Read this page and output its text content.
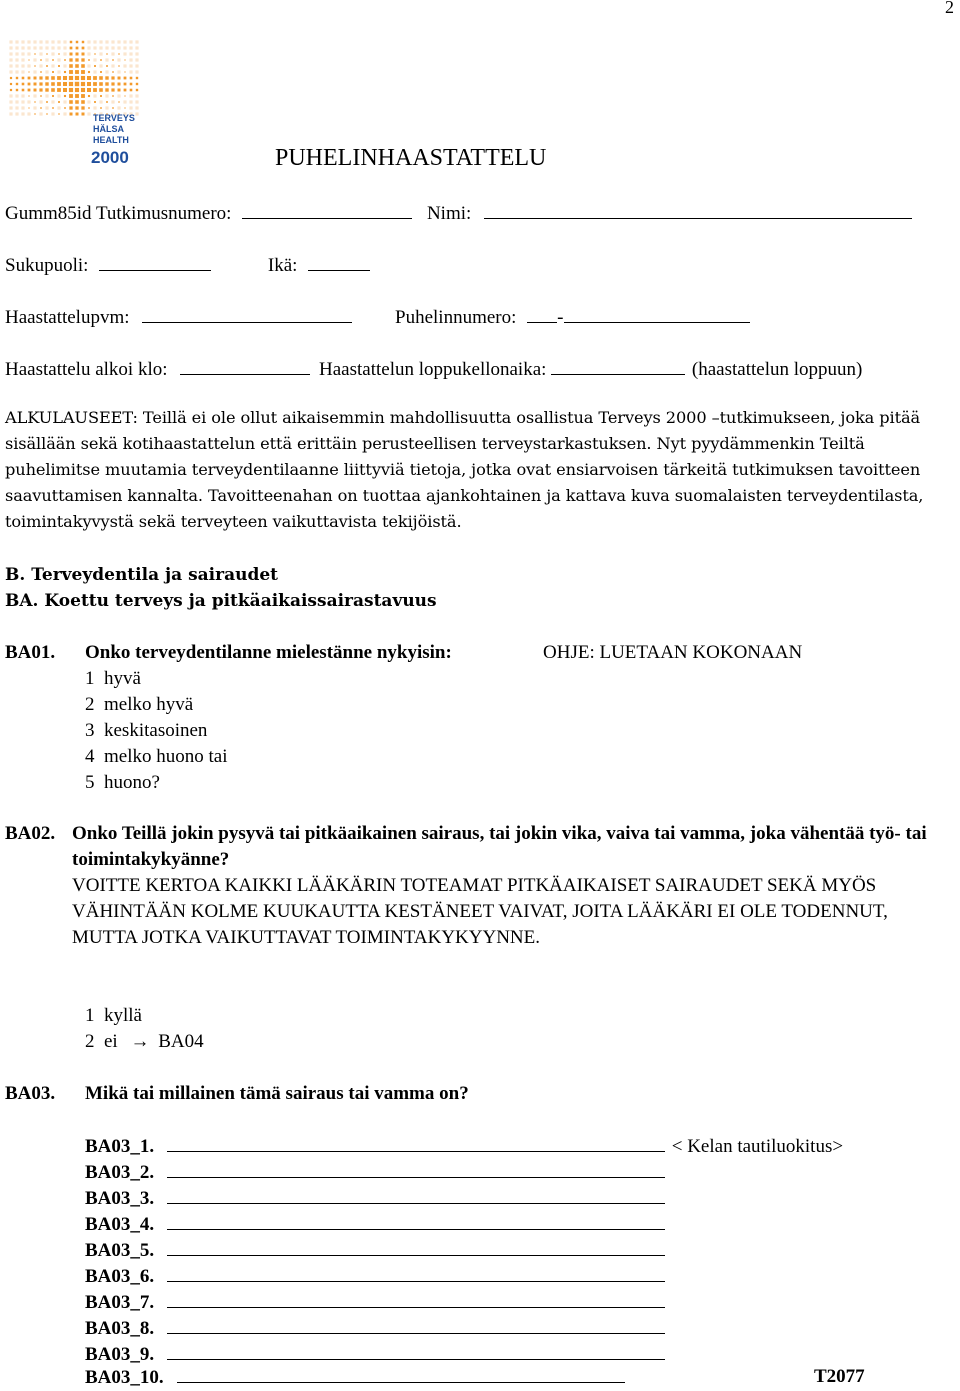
2
TERVEYS
HÄLSA
HEALTH
2000	PUHELINHAASTATTELU
Gumm85id Tutkimusnumero:	Nimi:
Sukupuoli:	Ikä:
Haastattelupvm:	Puhelinnumero: -
Haastattelu alkoi klo:	Haastattelun loppukellonaika:	(haastattelun loppuun)
ALKULAUSEET: Teillä ei ole ollut aikaisemmin mahdollisuutta osallistua Terveys 2000 –tutkimukseen, joka pitää sisällään sekä kotihaastattelun että erittäin perusteellisen terveystarkastuksen. Nyt pyydämmenkin Teiltä puhelimitse muutamia terveydentilaanne liittyviä tietoja, jotka ovat ensiarvoisen tärkeitä tutkimuksen tavoitteen saavuttamisen kannalta. Tavoitteenahan on tuottaa ajankohtainen ja kattava kuva suomalaisten terveydentilasta, toimintakyvystä sekä terveyteen vaikuttavista tekijöistä.
B. Terveydentila ja sairaudet
BA. Koettu terveys ja pitkäaikaissairastavuus
BA01. Onko terveydentilanne mielestänne nykyisin:	OHJE: LUETAAN KOKONAAN
1  hyvä
2  melko hyvä
3  keskitasoinen
4  melko huono tai
5  huono?
BA02. Onko Teillä jokin pysyvä tai pitkäaikainen sairaus, tai jokin vika, vaiva tai vamma, joka vähentää työ- tai toimintakykyänne?
VOITTE KERTOA KAIKKI LÄÄKÄRIN TOTEAMAT PITKÄAIKAISET SAIRAUDET SEKÄ MYÖS VÄHINTÄÄN KOLME KUUKAUTTA KESTÄNEET VAIVAT, JOITA LÄÄKÄRI EI OLE TODENNUT, MUTTA JOTKA VAIKUTTAVAT TOIMINTAKYKYYNNE.
1  kyllä
2  ei → BA04
BA03. Mikä tai millainen tämä sairaus tai vamma on?
BA03_1.	< Kelan tautiluokitus>
BA03_2.
BA03_3.
BA03_4.
BA03_5.
BA03_6.
BA03_7.
BA03_8.
BA03_9.
BA03_10.	T2077
